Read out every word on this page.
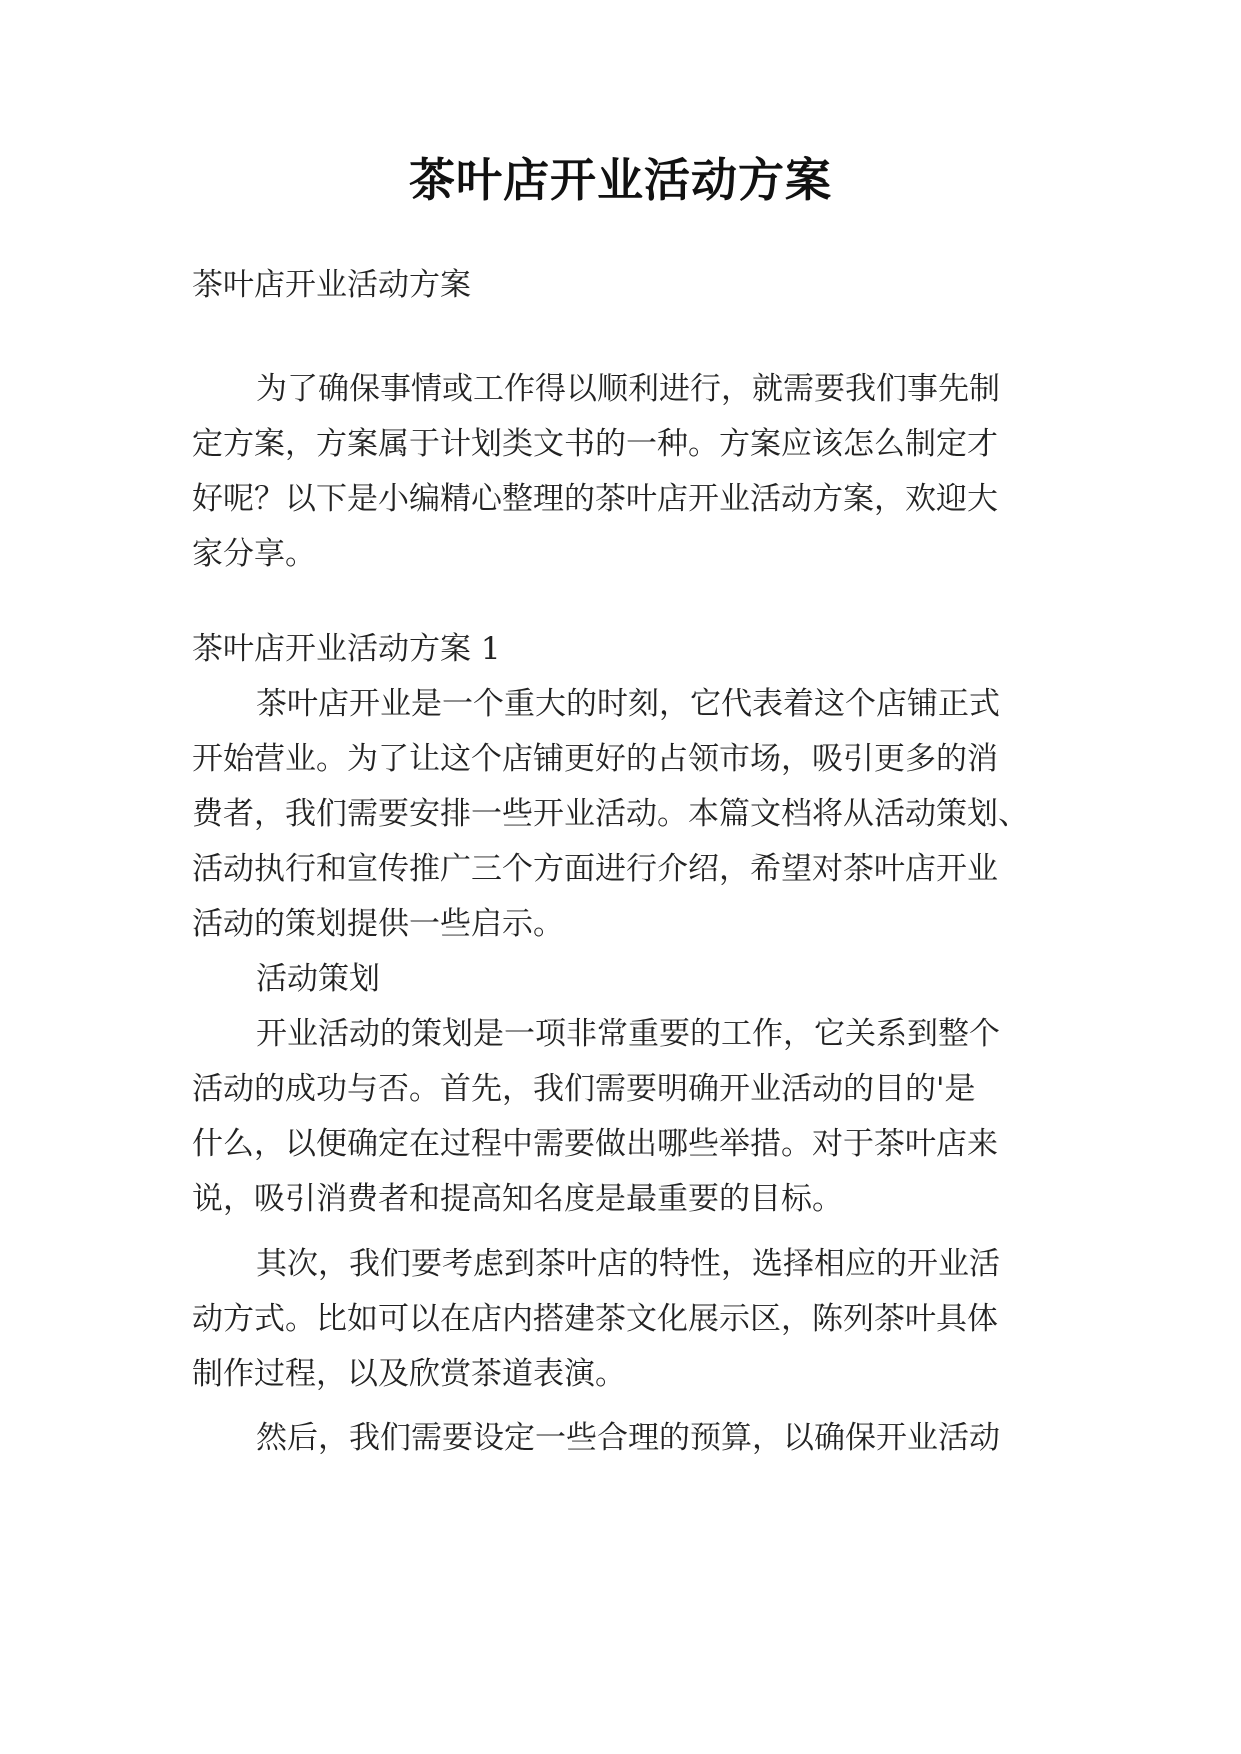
茶叶店开业活动方案
茶叶店开业活动方案
为了确保事情或工作得以顺利进行，就需要我们事先制
定方案，方案属于计划类文书的一种。方案应该怎么制定才
好呢？以下是小编精心整理的茶叶店开业活动方案，欢迎大
家分享。
茶叶店开业活动方案 1
茶叶店开业是一个重大的时刻，它代表着这个店铺正式
开始营业。为了让这个店铺更好的占领市场，吸引更多的消
费者，我们需要安排一些开业活动。本篇文档将从活动策划、
活动执行和宣传推广三个方面进行介绍，希望对茶叶店开业
活动的策划提供一些启示。
活动策划
开业活动的策划是一项非常重要的工作，它关系到整个
活动的成功与否。首先，我们需要明确开业活动的目的'是
什么，以便确定在过程中需要做出哪些举措。对于茶叶店来
说，吸引消费者和提高知名度是最重要的目标。
其次，我们要考虑到茶叶店的特性，选择相应的开业活
动方式。比如可以在店内搭建茶文化展示区，陈列茶叶具体
制作过程，以及欣赏茶道表演。
然后，我们需要设定一些合理的预算，以确保开业活动
